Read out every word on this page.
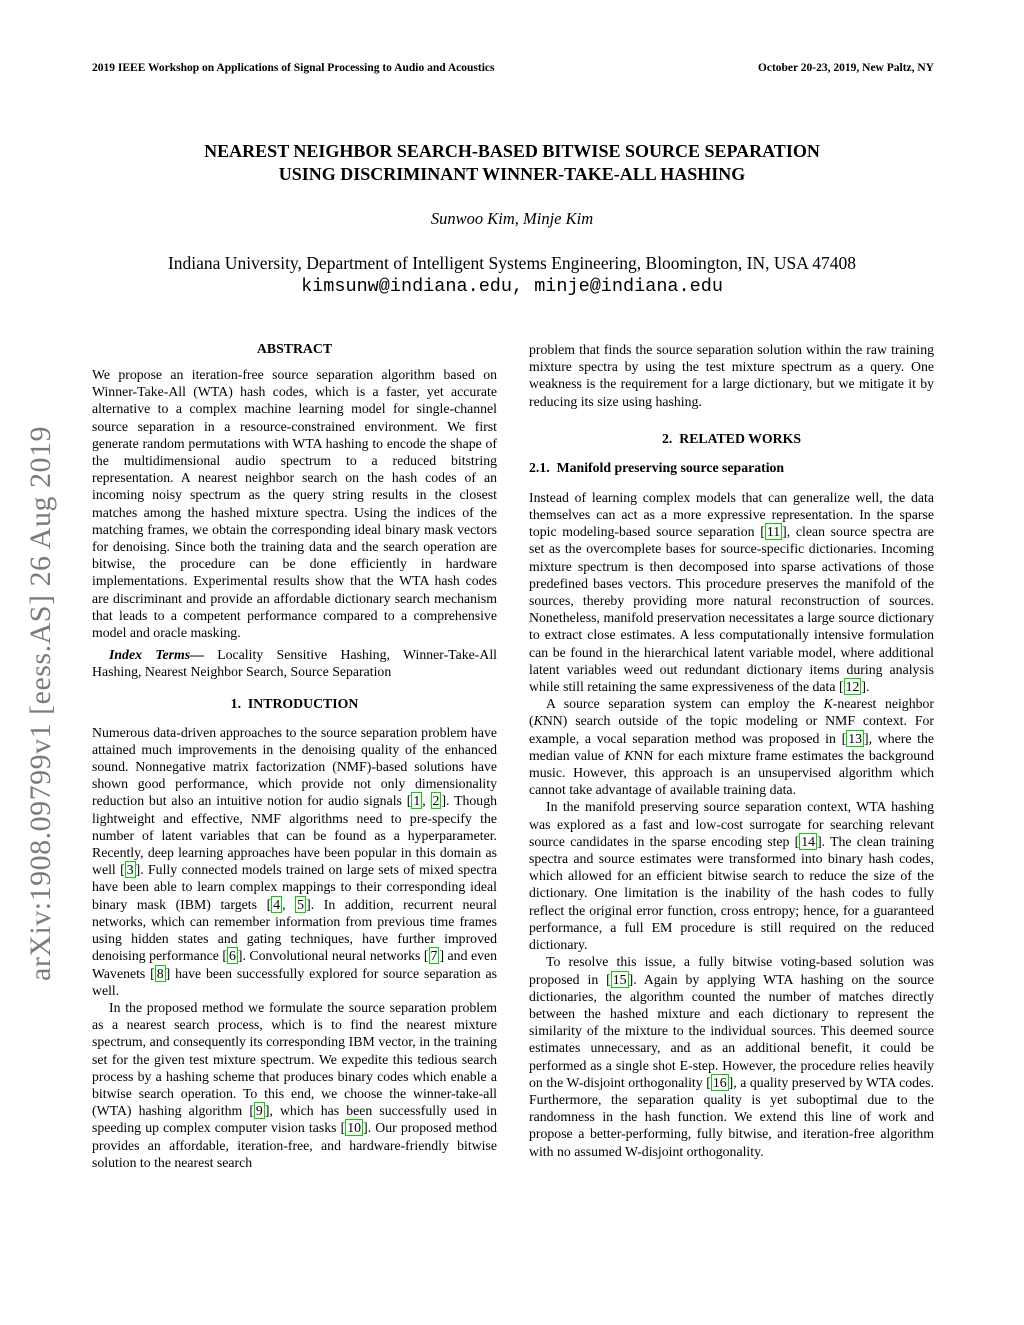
arXiv:1908.09799v1 [eess.AS] 26 Aug 2019
2019 IEEE Workshop on Applications of Signal Processing to Audio and Acoustics	October 20-23, 2019, New Paltz, NY
NEAREST NEIGHBOR SEARCH-BASED BITWISE SOURCE SEPARATION
USING DISCRIMINANT WINNER-TAKE-ALL HASHING
Sunwoo Kim, Minje Kim
Indiana University, Department of Intelligent Systems Engineering, Bloomington, IN, USA 47408
kimsunw@indiana.edu, minje@indiana.edu
ABSTRACT

We propose an iteration-free source separation algorithm based on Winner-Take-All (WTA) hash codes, which is a faster, yet accurate alternative to a complex machine learning model for single-channel source separation in a resource-constrained environment. We first generate random permutations with WTA hashing to encode the shape of the multidimensional audio spectrum to a reduced bitstring representation. A nearest neighbor search on the hash codes of an incoming noisy spectrum as the query string results in the closest matches among the hashed mixture spectra. Using the indices of the matching frames, we obtain the corresponding ideal binary mask vectors for denoising. Since both the training data and the search operation are bitwise, the procedure can be done efficiently in hardware implementations. Experimental results show that the WTA hash codes are discriminant and provide an affordable dictionary search mechanism that leads to a competent performance compared to a comprehensive model and oracle masking.

Index Terms— Locality Sensitive Hashing, Winner-Take-All Hashing, Nearest Neighbor Search, Source Separation

1.  INTRODUCTION

Numerous data-driven approaches to the source separation problem have attained much improvements in the denoising quality of the enhanced sound. Nonnegative matrix factorization (NMF)-based solutions have shown good performance, which provide not only dimensionality reduction but also an intuitive notion for audio signals [ 1 , 2 ]. Though lightweight and effective, NMF algorithms need to pre-specify the number of latent variables that can be found as a hyperparameter. Recently, deep learning approaches have been popular in this domain as well [ 3 ]. Fully connected models trained on large sets of mixed spectra have been able to learn complex mappings to their corresponding ideal binary mask (IBM) targets [ 4 , 5 ]. In addition, recurrent neural networks, which can remember information from previous time frames using hidden states and gating techniques, have further improved denoising performance [ 6 ]. Convolutional neural networks [ 7 ] and even Wavenets [ 8 ] have been successfully explored for source separation as well.

In the proposed method we formulate the source separation problem as a nearest search process, which is to find the nearest mixture spectrum, and consequently its corresponding IBM vector, in the training set for the given test mixture spectrum. We expedite this tedious search process by a hashing scheme that produces binary codes which enable a bitwise search operation. To this end, we choose the winner-take-all (WTA) hashing algorithm [ 9 ], which has been successfully used in speeding up complex computer vision tasks [ 10 ]. Our proposed method provides an affordable, iteration-free, and hardware-friendly bitwise solution to the nearest search

problem that finds the source separation solution within the raw training mixture spectra by using the test mixture spectrum as a query. One weakness is the requirement for a large dictionary, but we mitigate it by reducing its size using hashing.

2.  RELATED WORKS
2.1.  Manifold preserving source separation

Instead of learning complex models that can generalize well, the data themselves can act as a more expressive representation. In the sparse topic modeling-based source separation [ 11 ], clean source spectra are set as the overcomplete bases for source-specific dictionaries. Incoming mixture spectrum is then decomposed into sparse activations of those predefined bases vectors. This procedure preserves the manifold of the sources, thereby providing more natural reconstruction of sources. Nonetheless, manifold preservation necessitates a large source dictionary to extract close estimates. A less computationally intensive formulation can be found in the hierarchical latent variable model, where additional latent variables weed out redundant dictionary items during analysis while still retaining the same expressiveness of the data [ 12 ].

A source separation system can employ the K-nearest neighbor (KNN) search outside of the topic modeling or NMF context. For example, a vocal separation method was proposed in [ 13 ], where the median value of KNN for each mixture frame estimates the background music. However, this approach is an unsupervised algorithm which cannot take advantage of available training data.

In the manifold preserving source separation context, WTA hashing was explored as a fast and low-cost surrogate for searching relevant source candidates in the sparse encoding step [ 14 ]. The clean training spectra and source estimates were transformed into binary hash codes, which allowed for an efficient bitwise search to reduce the size of the dictionary. One limitation is the inability of the hash codes to fully reflect the original error function, cross entropy; hence, for a guaranteed performance, a full EM procedure is still required on the reduced dictionary.

To resolve this issue, a fully bitwise voting-based solution was proposed in [ 15 ]. Again by applying WTA hashing on the source dictionaries, the algorithm counted the number of matches directly between the hashed mixture and each dictionary to represent the similarity of the mixture to the individual sources. This deemed source estimates unnecessary, and as an additional benefit, it could be performed as a single shot E-step. However, the procedure relies heavily on the W-disjoint orthogonality [ 16 ], a quality preserved by WTA codes. Furthermore, the separation quality is yet suboptimal due to the randomness in the hash function. We extend this line of work and propose a better-performing, fully bitwise, and iteration-free algorithm with no assumed W-disjoint orthogonality.
